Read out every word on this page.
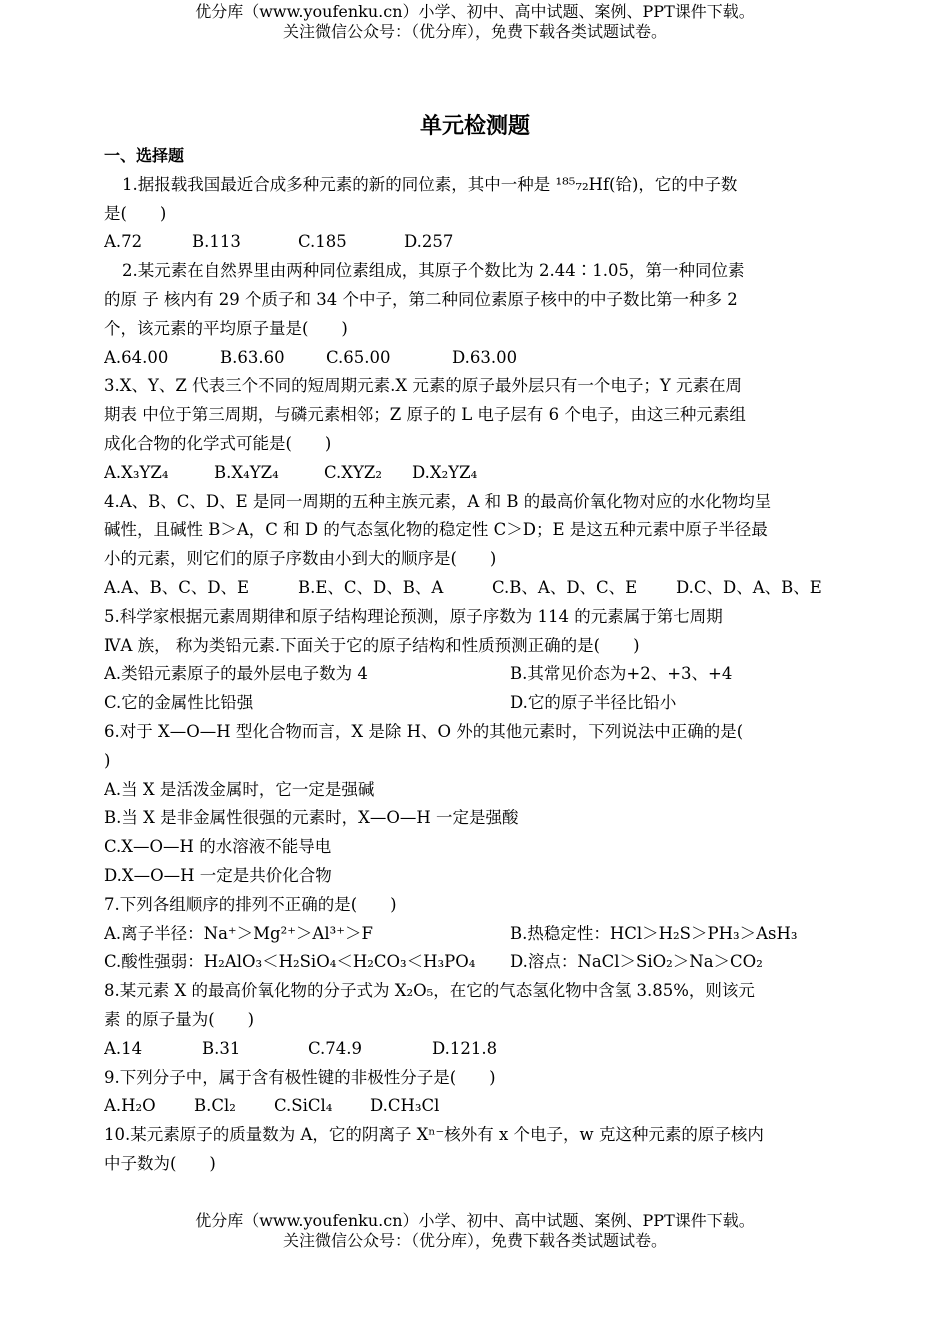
优分库（www.youfenku.cn）小学、初中、高中试题、案例、PPT课件下载。
关注微信公众号：（优分库），免费下载各类试题试卷。
单元检测题
一、选择题
1.据报载我国最近合成多种元素的新的同位素，其中一种是 ¹⁸⁵₇₂Hf(铪)，它的中子数
是(　　)
A.72	B.113	C.185	D.257
2.某元素在自然界里由两种同位素组成，其原子个数比为 2.44∶1.05，第一种同位素
的原 子 核内有 29 个质子和 34 个中子，第二种同位素原子核中的中子数比第一种多 2
个，该元素的平均原子量是(　　)
A.64.00	B.63.60	C.65.00	D.63.00
3.X、Y、Z 代表三个不同的短周期元素.X 元素的原子最外层只有一个电子；Y 元素在周
期表 中位于第三周期，与磷元素相邻；Z 原子的 L 电子层有 6 个电子，由这三种元素组
成化合物的化学式可能是(　　)
A.X₃YZ₄	B.X₄YZ₄	C.XYZ₂ D.X₂YZ₄
4.A、B、C、D、E 是同一周期的五种主族元素，A 和 B 的最高价氧化物对应的水化物均呈
碱性，且碱性 B＞A，C 和 D 的气态氢化物的稳定性 C＞D；E 是这五种元素中原子半径最
小的元素，则它们的原子序数由小到大的顺序是(　　)
A.A、B、C、D、E	B.E、C、D、B、A	C.B、A、D、C、E D.C、D、A、B、E
5.科学家根据元素周期律和原子结构理论预测，原子序数为 114 的元素属于第七周期
ⅣA 族， 称为类铅元素.下面关于它的原子结构和性质预测正确的是(　　)
A.类铅元素原子的最外层电子数为 4	B.其常见价态为+2、+3、+4
C.它的金属性比铅强	D.它的原子半径比铅小
6.对于 X—O—H 型化合物而言，X 是除 H、O 外的其他元素时，下列说法中正确的是(
)
A.当 X 是活泼金属时，它一定是强碱
B.当 X 是非金属性很强的元素时，X—O—H 一定是强酸
C.X—O—H 的水溶液不能导电
D.X—O—H 一定是共价化合物
7.下列各组顺序的排列不正确的是(　　)
A.离子半径：Na⁺＞Mg²⁺＞Al³⁺＞F	B.热稳定性：HCl＞H₂S＞PH₃＞AsH₃
C.酸性强弱：H₂AlO₃＜H₂SiO₄＜H₂CO₃＜H₃PO₄ D.溶点：NaCl＞SiO₂＞Na＞CO₂
8.某元素 X 的最高价氧化物的分子式为 X₂O₅，在它的气态氢化物中含氢 3.85%，则该元
素 的原子量为(　　)
A.14	B.31	C.74.9	D.121.8
9.下列分子中，属于含有极性键的非极性分子是(　　)
A.H₂O B.Cl₂ C.SiCl₄ D.CH₃Cl
10.某元素原子的质量数为 A，它的阴离子 Xⁿ⁻核外有 x 个电子，w 克这种元素的原子核内
中子数为(　　)
优分库（www.youfenku.cn）小学、初中、高中试题、案例、PPT课件下载。
关注微信公众号：（优分库），免费下载各类试题试卷。
